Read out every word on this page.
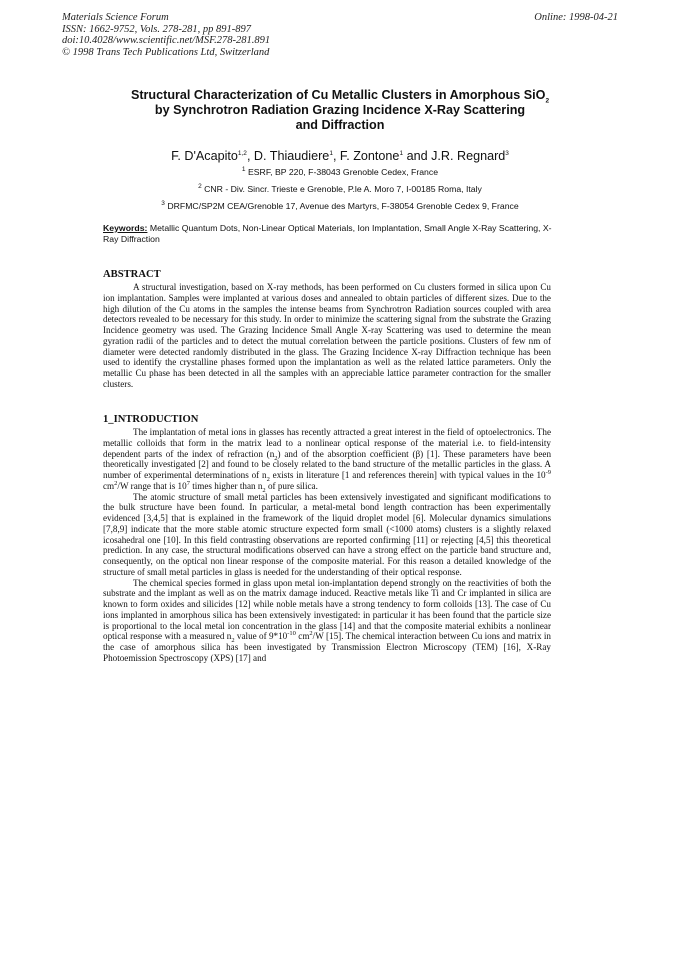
Materials Science Forum
ISSN: 1662-9752, Vols. 278-281, pp 891-897
doi:10.4028/www.scientific.net/MSF.278-281.891
© 1998 Trans Tech Publications Ltd, Switzerland
Online: 1998-04-21
Structural Characterization of Cu Metallic Clusters in Amorphous SiO$_2$
by Synchrotron Radiation Grazing Incidence X-Ray Scattering
and Diffraction
F. D'Acapito$^{1,2}$, D. Thiaudiere$^1$, F. Zontone$^1$ and J.R. Regnard$^3$
$^1$ ESRF, BP 220, F-38043 Grenoble Cedex, France
$^2$ CNR - Div. Sincr. Trieste e Grenoble, P.le A. Moro 7, I-00185 Roma, Italy
$^3$ DRFMC/SP2M CEA/Grenoble 17, Avenue des Martyrs, F-38054 Grenoble Cedex 9, France
Keywords: Metallic Quantum Dots, Non-Linear Optical Materials, Ion Implantation, Small Angle X-Ray Scattering, X-Ray Diffraction
ABSTRACT

A structural investigation, based on X-ray methods, has been performed on Cu clusters formed in silica upon Cu ion implantation. Samples were implanted at various doses and annealed to obtain particles of different sizes. Due to the high dilution of the Cu atoms in the samples the intense beams from Synchrotron Radiation sources coupled with area detectors revealed to be necessary for this study. In order to minimize the scattering signal from the substrate the Grazing Incidence geometry was used. The Grazing Incidence Small Angle X-ray Scattering was used to determine the mean gyration radii of the particles and to detect the mutual correlation between the particle positions. Clusters of few nm of diameter were detected randomly distributed in the glass. The Grazing Incidence X-ray Diffraction technique has been used to identify the crystalline phases formed upon the implantation as well as the related lattice parameters. Only the metallic Cu phase has been detected in all the samples with an appreciable lattice parameter contraction for the smaller clusters.

1_INTRODUCTION

The implantation of metal ions in glasses has recently attracted a great interest in the field of optoelectronics. The metallic colloids that form in the matrix lead to a nonlinear optical response of the material i.e. to field-intensity dependent parts of the index of refraction $(n_2)$ and of the absorption coefficient (β) [1]. These parameters have been theoretically investigated [2] and found to be closely related to the band structure of the metallic particles in the glass. A number of experimental determinations of $n_2$ exists in literature [1 and references therein] with typical values in the $10^{-9}$ $cm^2/W$ range that is $10^7$ times higher than $n_2$ of pure silica.

The atomic structure of small metal particles has been extensively investigated and significant modifications to the bulk structure have been found. In particular, a metal-metal bond length contraction has been experimentally evidenced [3,4,5] that is explained in the framework of the liquid droplet model [6]. Molecular dynamics simulations [7,8,9] indicate that the more stable atomic structure expected form small (<1000 atoms) clusters is a slightly relaxed icosahedral one [10]. In this field contrasting observations are reported confirming [11] or rejecting [4,5] this theoretical prediction. In any case, the structural modifications observed can have a strong effect on the particle band structure and, consequently, on the optical non linear response of the composite material. For this reason a detailed knowledge of the structure of small metal particles in glass is needed for the understanding of their optical response.

The chemical species formed in glass upon metal ion-implantation depend strongly on the reactivities of both the substrate and the implant as well as on the matrix damage induced. Reactive metals like Ti and Cr implanted in silica are known to form oxides and silicides [12] while noble metals have a strong tendency to form colloids [13]. The case of Cu ions implanted in amorphous silica has been extensively investigated: in particular it has been found that the particle size is proportional to the local metal ion concentration in the glass [14] and that the composite material exhibits a nonlinear optical response with a measured $n_2$ value of $9*10^{-10}$ $cm^2/W$ [15]. The chemical interaction between Cu ions and matrix in the case of amorphous silica has been investigated by Transmission Electron Microscopy (TEM) [16], X-Ray Photoemission Spectroscopy (XPS) [17] and
